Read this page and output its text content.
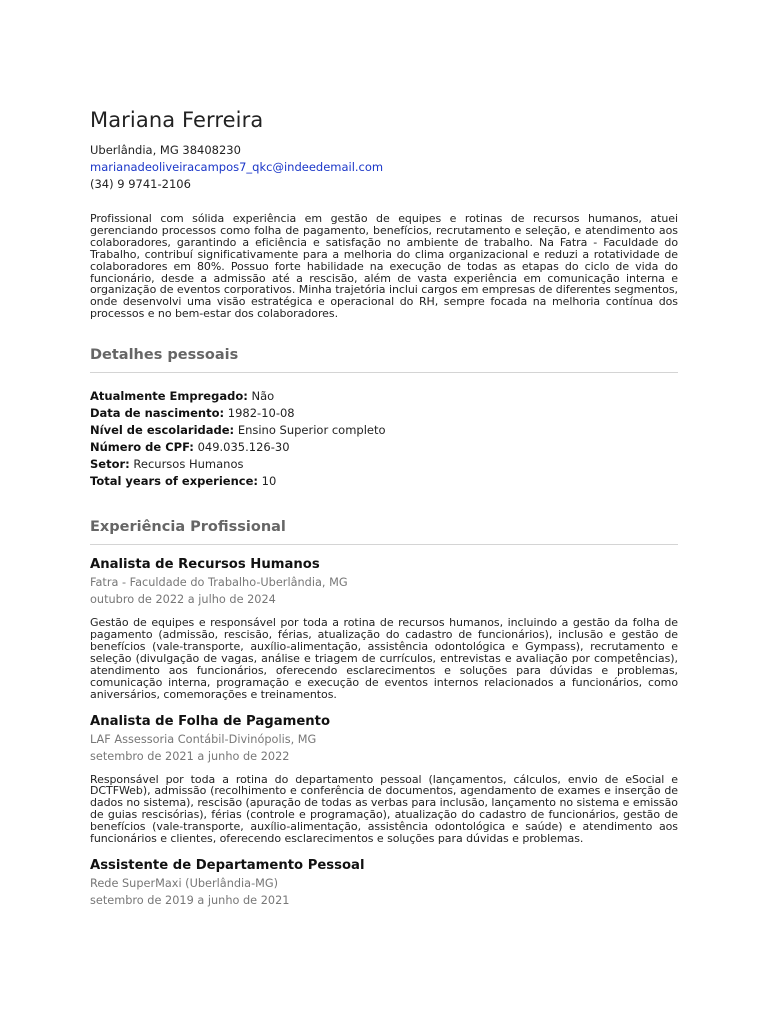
Mariana Ferreira
Uberlândia, MG 38408230
marianadeoliveiracampos7_qkc@indeedemail.com
(34) 9 9741-2106
Profissional com sólida experiência em gestão de equipes e rotinas de recursos humanos, atuei gerenciando processos como folha de pagamento, benefícios, recrutamento e seleção, e atendimento aos colaboradores, garantindo a eficiência e satisfação no ambiente de trabalho. Na Fatra - Faculdade do Trabalho, contribuí significativamente para a melhoria do clima organizacional e reduzi a rotatividade de colaboradores em 80%. Possuo forte habilidade na execução de todas as etapas do ciclo de vida do funcionário, desde a admissão até a rescisão, além de vasta experiência em comunicação interna e organização de eventos corporativos. Minha trajetória inclui cargos em empresas de diferentes segmentos, onde desenvolvi uma visão estratégica e operacional do RH, sempre focada na melhoria contínua dos processos e no bem-estar dos colaboradores.
Detalhes pessoais
Atualmente Empregado: Não
Data de nascimento: 1982-10-08
Nível de escolaridade: Ensino Superior completo
Número de CPF: 049.035.126-30
Setor: Recursos Humanos
Total years of experience: 10
Experiência Profissional
Analista de Recursos Humanos
Fatra - Faculdade do Trabalho-Uberlândia, MG
outubro de 2022 a julho de 2024
Gestão de equipes e responsável por toda a rotina de recursos humanos, incluindo a gestão da folha de pagamento (admissão, rescisão, férias, atualização do cadastro de funcionários), inclusão e gestão de benefícios (vale-transporte, auxílio-alimentação, assistência odontológica e Gympass), recrutamento e seleção (divulgação de vagas, análise e triagem de currículos, entrevistas e avaliação por competências), atendimento aos funcionários, oferecendo esclarecimentos e soluções para dúvidas e problemas, comunicação interna, programação e execução de eventos internos relacionados a funcionários, como aniversários, comemorações e treinamentos.
Analista de Folha de Pagamento
LAF Assessoria Contábil-Divinópolis, MG
setembro de 2021 a junho de 2022
Responsável por toda a rotina do departamento pessoal (lançamentos, cálculos, envio de eSocial e DCTFWeb), admissão (recolhimento e conferência de documentos, agendamento de exames e inserção de dados no sistema), rescisão (apuração de todas as verbas para inclusão, lançamento no sistema e emissão de guias rescisórias), férias (controle e programação), atualização do cadastro de funcionários, gestão de benefícios (vale-transporte, auxílio-alimentação, assistência odontológica e saúde) e atendimento aos funcionários e clientes, oferecendo esclarecimentos e soluções para dúvidas e problemas.
Assistente de Departamento Pessoal
Rede SuperMaxi (Uberlândia-MG)
setembro de 2019 a junho de 2021
